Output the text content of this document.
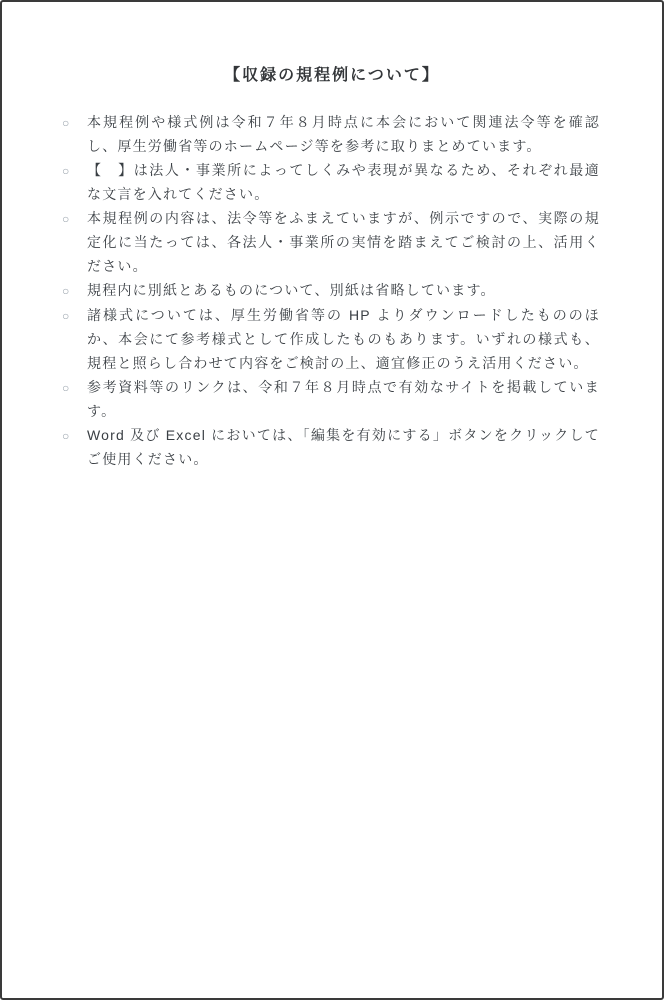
【収録の規程例について】
○	本規程例や様式例は令和７年８月時点に本会において関連法令等を確認し、厚生労働省等のホームページ等を参考に取りまとめています。
○	【　】は法人・事業所によってしくみや表現が異なるため、それぞれ最適な文言を入れてください。
○	本規程例の内容は、法令等をふまえていますが、例示ですので、実際の規定化に当たっては、各法人・事業所の実情を踏まえてご検討の上、活用ください。
○	規程内に別紙とあるものについて、別紙は省略しています。
○	諸様式については、厚生労働省等の HP よりダウンロードしたもののほか、本会にて参考様式として作成したものもあります。いずれの様式も、規程と照らし合わせて内容をご検討の上、適宜修正のうえ活用ください。
○	参考資料等のリンクは、令和７年８月時点で有効なサイトを掲載しています。
○	Word 及び Excel においては、「編集を有効にする」ボタンをクリックしてご使用ください。
